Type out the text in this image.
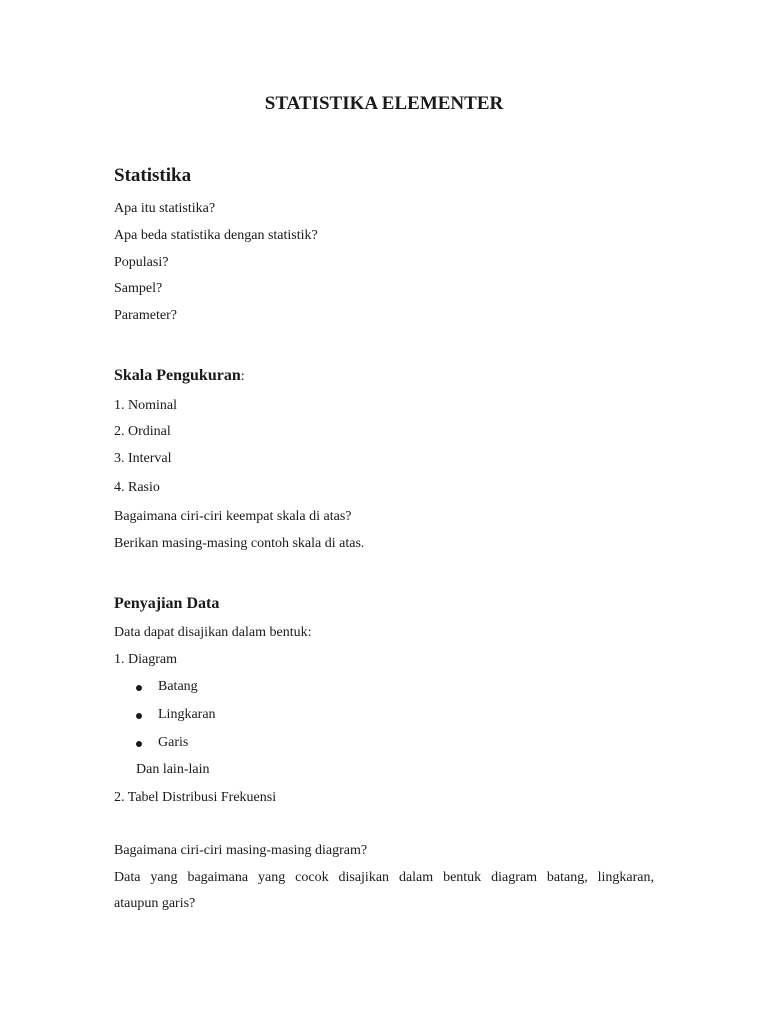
STATISTIKA ELEMENTER
Statistika
Apa itu statistika?
Apa beda statistika dengan statistik?
Populasi?
Sampel?
Parameter?
Skala Pengukuran:
1. Nominal
2. Ordinal
3. Interval
4. Rasio
Bagaimana ciri-ciri keempat skala di atas?
Berikan masing-masing contoh skala di atas.
Penyajian Data
Data dapat disajikan dalam bentuk:
1. Diagram
Batang
Lingkaran
Garis
Dan lain-lain
2. Tabel Distribusi Frekuensi
Bagaimana ciri-ciri masing-masing diagram?
Data yang bagaimana yang cocok disajikan dalam bentuk diagram batang, lingkaran,
ataupun garis?
